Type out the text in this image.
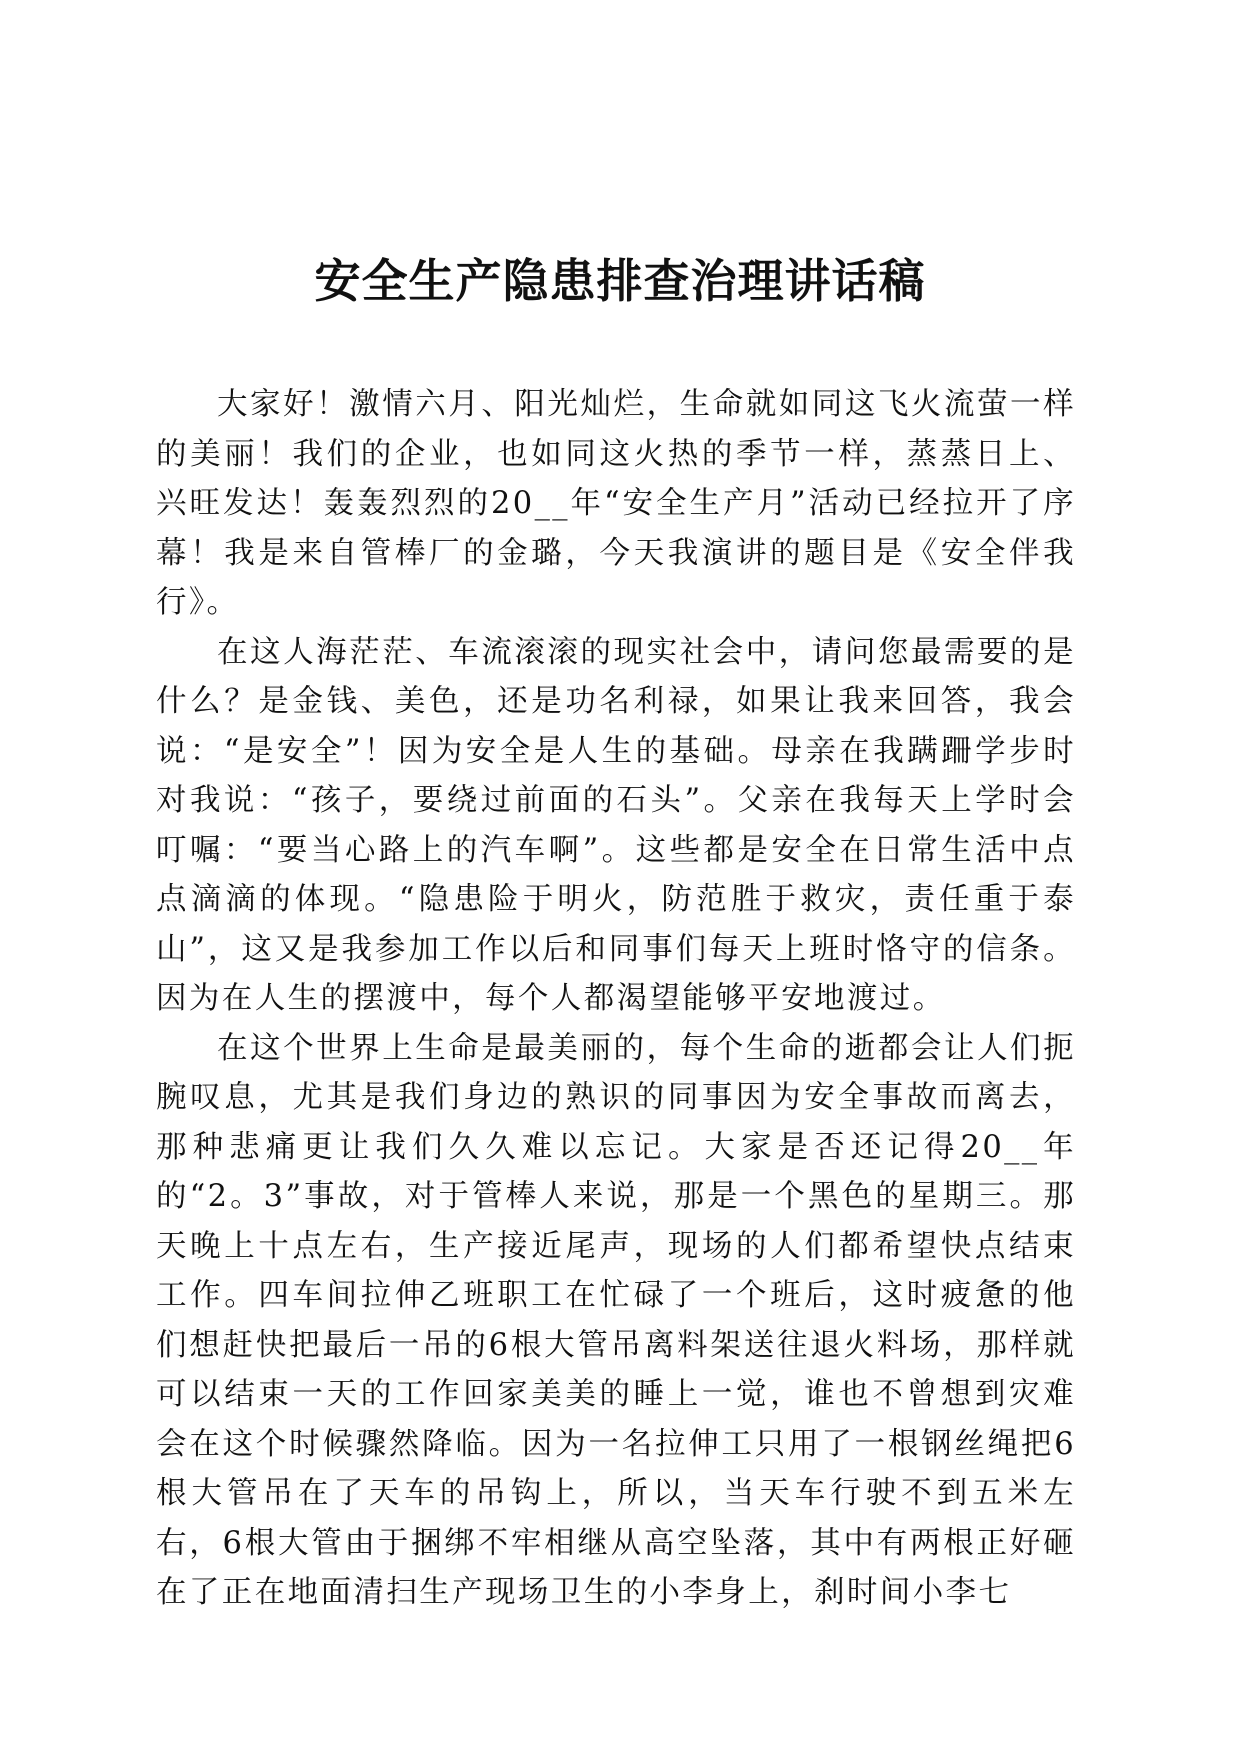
安全生产隐患排查治理讲话稿

大家好！激情六月、阳光灿烂，生命就如同这飞火流萤一样的美丽！我们的企业，也如同这火热的季节一样，蒸蒸日上、兴旺发达！轰轰烈烈的20__年“安全生产月”活动已经拉开了序幕！我是来自管棒厂的金璐，今天我演讲的题目是《安全伴我行》。

在这人海茫茫、车流滚滚的现实社会中，请问您最需要的是什么？是金钱、美色，还是功名利禄，如果让我来回答，我会说：“是安全”！因为安全是人生的基础。母亲在我蹒跚学步时对我说：“孩子，要绕过前面的石头”。父亲在我每天上学时会叮嘱：“要当心路上的汽车啊”。这些都是安全在日常生活中点点滴滴的体现。“隐患险于明火，防范胜于救灾，责任重于泰山”，这又是我参加工作以后和同事们每天上班时恪守的信条。因为在人生的摆渡中，每个人都渴望能够平安地渡过。

在这个世界上生命是最美丽的，每个生命的逝都会让人们扼腕叹息，尤其是我们身边的熟识的同事因为安全事故而离去，那种悲痛更让我们久久难以忘记。大家是否还记得20__年的“2。3”事故，对于管棒人来说，那是一个黑色的星期三。那天晚上十点左右，生产接近尾声，现场的人们都希望快点结束工作。四车间拉伸乙班职工在忙碌了一个班后，这时疲惫的他们想赶快把最后一吊的6根大管吊离料架送往退火料场，那样就可以结束一天的工作回家美美的睡上一觉，谁也不曾想到灾难会在这个时候骤然降临。因为一名拉伸工只用了一根钢丝绳把6根大管吊在了天车的吊钩上，所以，当天车行驶不到五米左右，6根大管由于捆绑不牢相继从高空坠落，其中有两根正好砸在了正在地面清扫生产现场卫生的小李身上，刹时间小李七
